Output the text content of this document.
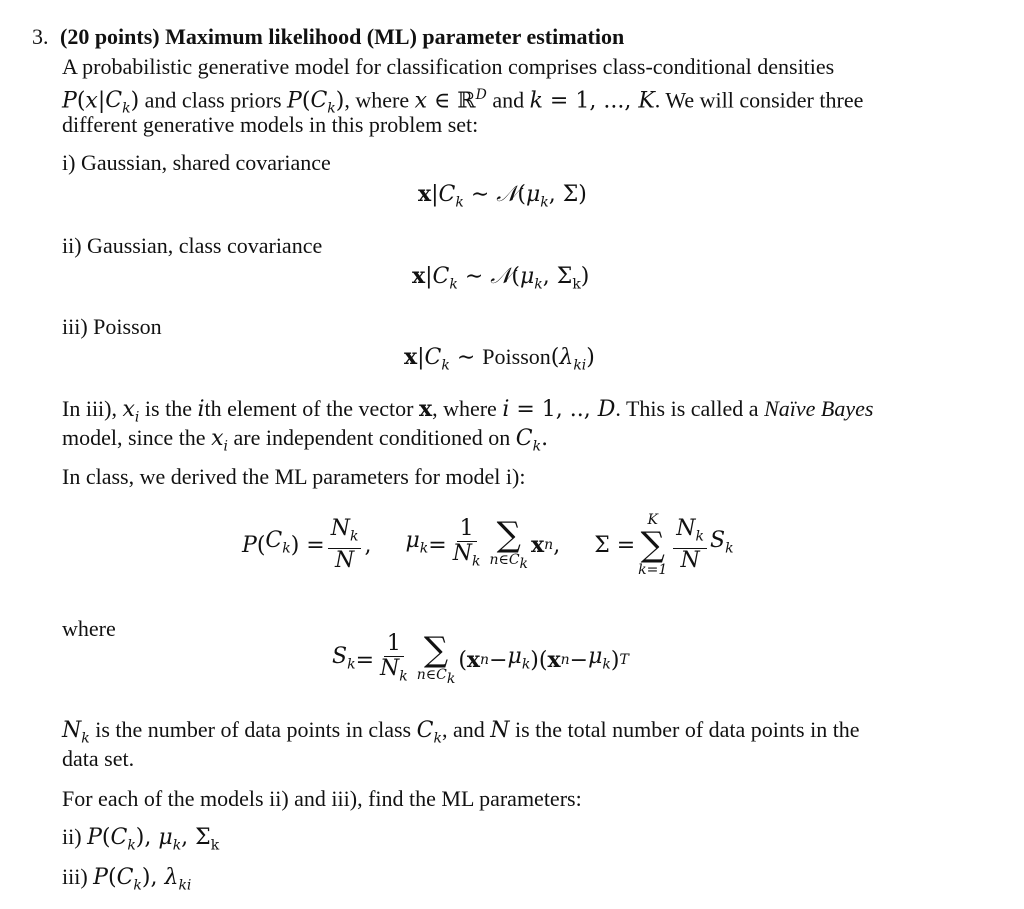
3. (20 points) Maximum likelihood (ML) parameter estimation
A probabilistic generative model for classification comprises class-conditional densities
$P(x|C_k)$ and class priors $P(C_k)$, where x ∈ ℝ$^D$ and k = 1, ..., K. We will consider three
different generative models in this problem set:
i) Gaussian, shared covariance
$x|C_k$ ∼ $𝒩(\mu_k$, Σ)
ii) Gaussian, class covariance
$x|C_k$ ∼ $𝒩(\mu_k$, $\Sigma_k$)
iii) Poisson
$x|C_k$ ∼ $Poisson(\lambda_{ki})$
In iii), $x_i$ is the ith element of the vector x, where i = 1, .., D. This is called a Naïve Bayes
model, since the $x_i$ are independent conditioned on $C_k$.
In class, we derived the ML parameters for model i):
P ( $C_k$ ) = $\frac{N_k}{N}$ , $\mu_k = \frac{1}{N_k}$ ∑
$n\in C_k$
x n , Σ =
K
∑
$k=1 \frac{N_k}{N} S_k$
where
$S_k = \frac{1}{N_k}$ ∑
$n\in C_k$
( x $n - \mu_k$ )( x $n - \mu_k$ ) T
$N_k$ is the number of data points in class $C_k$, and N is the total number of data points in the
data set.
For each of the models ii) and iii), find the ML parameters:
ii) $P(C_k)$, $\mu_k$, $\Sigma_k$
iii) $P(C_k)$, $\lambda_{ki}$
